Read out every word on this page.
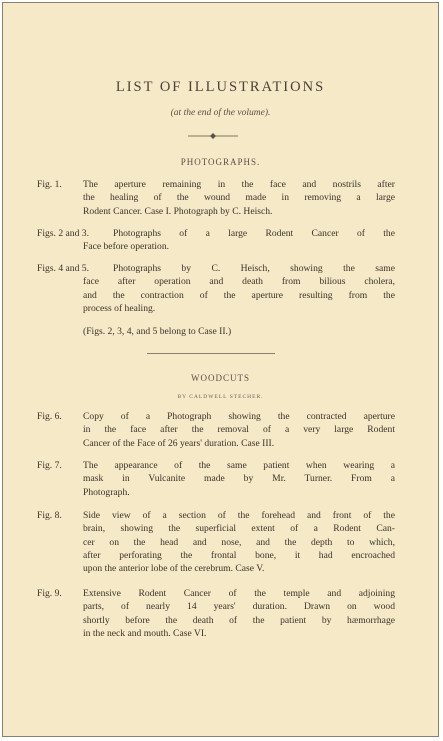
LIST OF ILLUSTRATIONS
(at the end of the volume).
PHOTOGRAPHS.
Fig. 1.	The aperture remaining in the face and nostrils after
the healing of the wound made in removing a large
Rodent Cancer. Case I. Photograph by C. Heisch.
Figs. 2 and 3.	Photographs of a large Rodent Cancer of the
Face before operation.
Figs. 4 and 5.	Photographs by C. Heisch, showing the same
face after operation and death from bilious cholera,
and the contraction of the aperture resulting from the
process of healing.
(Figs. 2, 3, 4, and 5 belong to Case II.)
WOODCUTS
BY CALDWELL STECHER.
Fig. 6.	Copy of a Photograph showing the contracted aperture
in the face after the removal of a very large Rodent
Cancer of the Face of 26 years' duration. Case III.
Fig. 7.	The appearance of the same patient when wearing a
mask in Vulcanite made by Mr. Turner. From a
Photograph.
Fig. 8.	Side view of a section of the forehead and front of the
brain, showing the superficial extent of a Rodent Can-
cer on the head and nose, and the depth to which,
after perforating the frontal bone, it had encroached
upon the anterior lobe of the cerebrum. Case V.
Fig. 9.	Extensive Rodent Cancer of the temple and adjoining
parts, of nearly 14 years' duration. Drawn on wood
shortly before the death of the patient by hæmorrhage
in the neck and mouth. Case VI.
